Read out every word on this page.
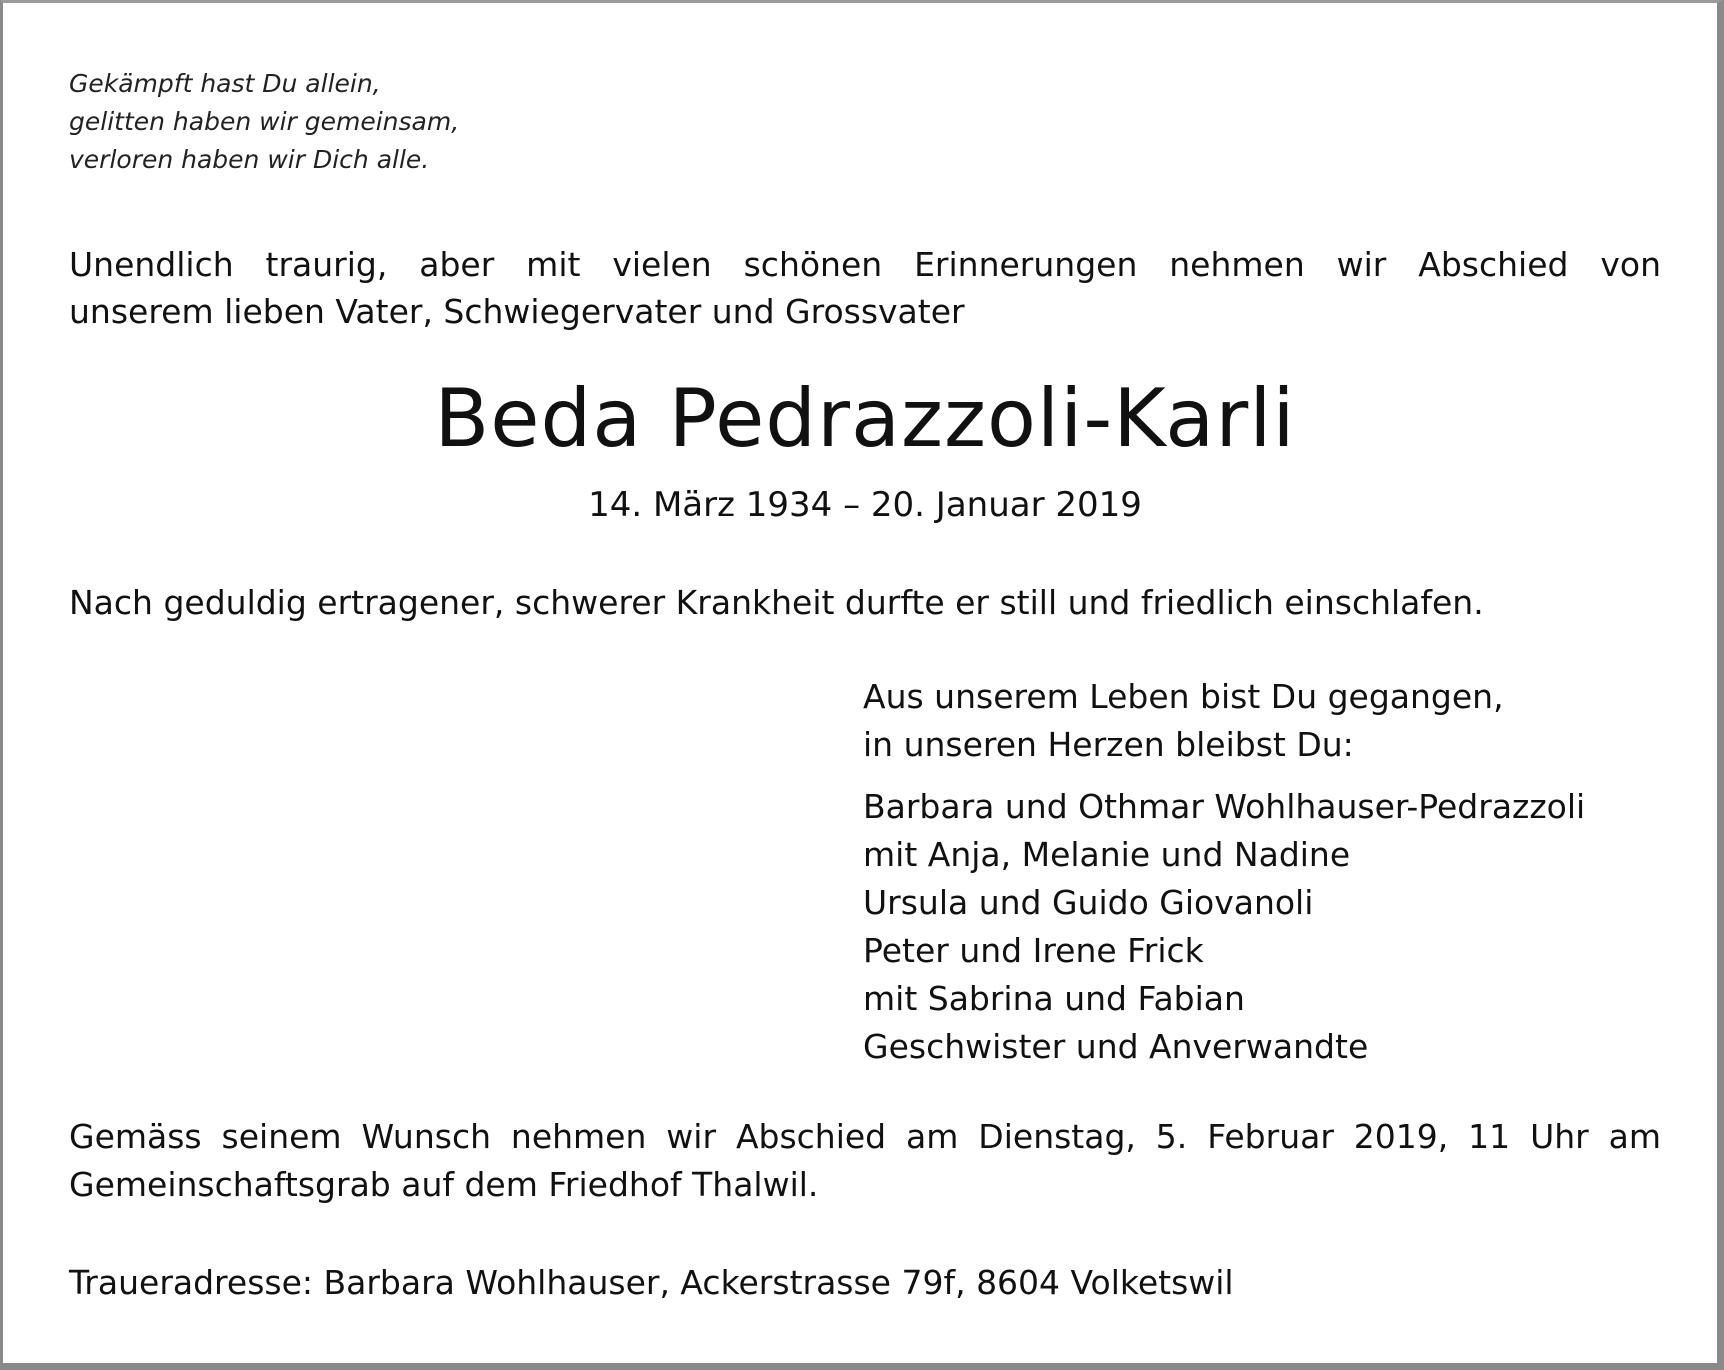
Gekämpft hast Du allein,
gelitten haben wir gemeinsam,
verloren haben wir Dich alle.
Unendlich traurig, aber mit vielen schönen Erinnerungen nehmen wir Abschied von
unserem lieben Vater, Schwiegervater und Grossvater
Beda Pedrazzoli-Karli
14. März 1934 – 20. Januar 2019
Nach geduldig ertragener, schwerer Krankheit durfte er still und friedlich einschlafen.
Aus unserem Leben bist Du gegangen,
in unseren Herzen bleibst Du:
Barbara und Othmar Wohlhauser-Pedrazzoli
mit Anja, Melanie und Nadine
Ursula und Guido Giovanoli
Peter und Irene Frick
mit Sabrina und Fabian
Geschwister und Anverwandte
Gemäss seinem Wunsch nehmen wir Abschied am Dienstag, 5. Februar 2019, 11 Uhr am
Gemeinschaftsgrab auf dem Friedhof Thalwil.
Traueradresse: Barbara Wohlhauser, Ackerstrasse 79f, 8604 Volketswil
